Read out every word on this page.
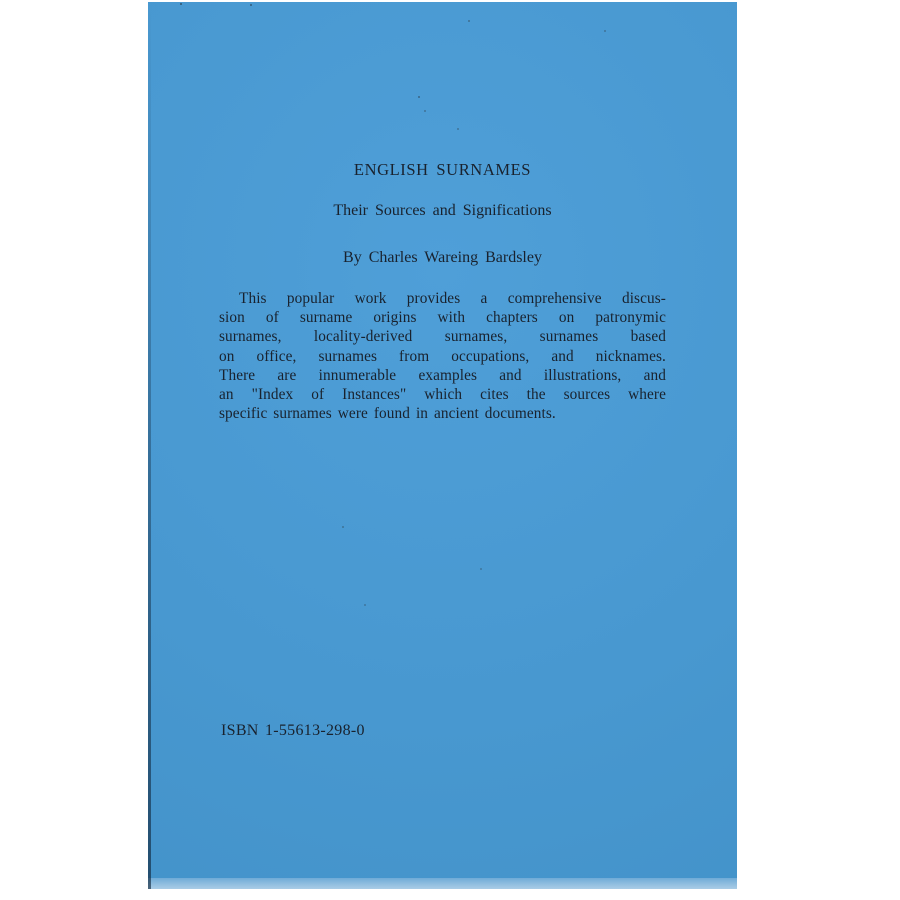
ENGLISH SURNAMES
Their Sources and Significations
By Charles Wareing Bardsley
This popular work provides a comprehensive discus-
sion of surname origins with chapters on patronymic
surnames, locality-derived surnames, surnames based
on office, surnames from occupations, and nicknames.
There are innumerable examples and illustrations, and
an "Index of Instances" which cites the sources where
specific surnames were found in ancient documents.
ISBN 1-55613-298-0
